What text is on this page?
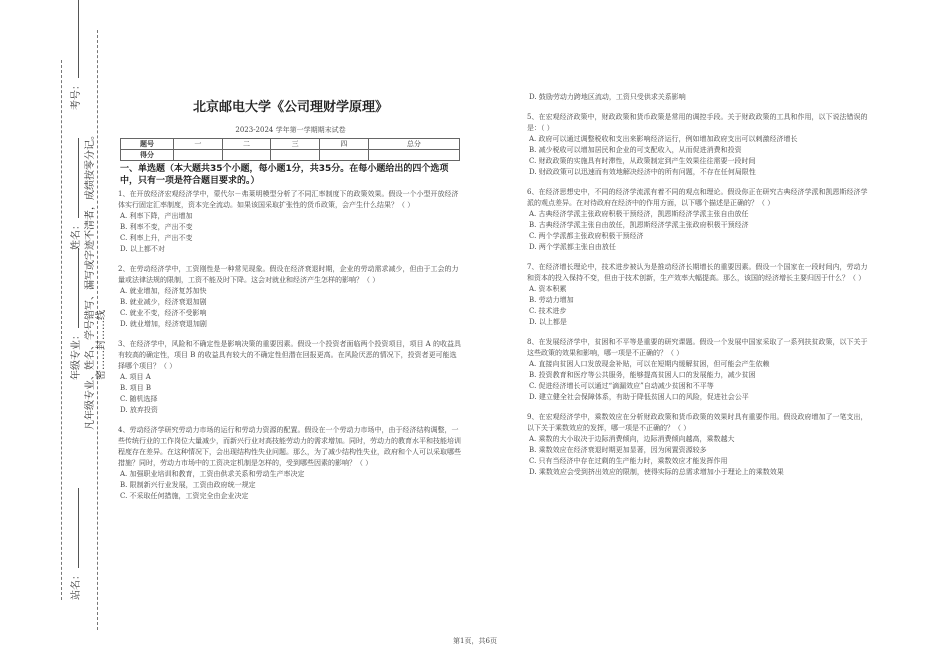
考号：
姓名：
年级专业：
站名：
凡年级专业、姓名、学号错写、漏写或字迹不清者，成绩按零分记。 密……封……线
北京邮电大学《公司理财学原理》
2023-2024 学年第一学期期末试卷
题号	一	二	三	四	总分
得分					
一、单选题（本大题共35个小题，每小题1分，共35分。在每小题给出的四个选项中，只有一项是符合题目要求的。）

1、在开放经济宏观经济学中，蒙代尔－弗莱明模型分析了不同汇率制度下的政策效果。假设一个小型开放经济体实行固定汇率制度，资本完全流动。如果该国采取扩张性的货币政策，会产生什么结果？（ ）

A. 利率下降，产出增加
B. 利率不变，产出不变
C. 利率上升，产出不变
D. 以上都不对

2、在劳动经济学中，工资刚性是一种常见现象。假设在经济衰退时期，企业的劳动需求减少，但由于工会的力量或法律法规的限制，工资不能及时下降。这会对就业和经济产生怎样的影响？（ ）

A. 就业增加，经济复苏加快
B. 就业减少，经济衰退加剧
C. 就业不变，经济不受影响
D. 就业增加，经济衰退加剧

3、在经济学中，风险和不确定性是影响决策的重要因素。假设一个投资者面临两个投资项目，项目 A 的收益具有较高的确定性，项目 B 的收益具有较大的不确定性但潜在回报更高。在风险厌恶的情况下，投资者更可能选择哪个项目？（ ）

A. 项目 A
B. 项目 B
C. 随机选择
D. 放弃投资

4、劳动经济学研究劳动力市场的运行和劳动力资源的配置。假设在一个劳动力市场中，由于经济结构调整，一些传统行业的工作岗位大量减少，而新兴行业对高技能劳动力的需求增加。同时，劳动力的教育水平和技能培训程度存在差异。在这种情况下，会出现结构性失业问题。那么，为了减少结构性失业，政府和个人可以采取哪些措施？同时，劳动力市场中的工资决定机制是怎样的，受到哪些因素的影响？（ ）

A. 加强职业培训和教育，工资由供求关系和劳动生产率决定
B. 限制新兴行业发展，工资由政府统一规定
C. 不采取任何措施，工资完全由企业决定
D. 鼓励劳动力跨地区流动，工资只受供求关系影响

5、在宏观经济政策中，财政政策和货币政策是常用的调控手段。关于财政政策的工具和作用，以下说法错误的是：（ ）

A. 政府可以通过调整税收和支出来影响经济运行，例如增加政府支出可以刺激经济增长
B. 减少税收可以增加居民和企业的可支配收入，从而促进消费和投资
C. 财政政策的实施具有时滞性，从政策制定到产生效果往往需要一段时间
D. 财政政策可以迅速而有效地解决经济中的所有问题，不存在任何局限性

6、在经济思想史中，不同的经济学流派有着不同的观点和理论。假设你正在研究古典经济学派和凯恩斯经济学派的观点差异。在对待政府在经济中的作用方面，以下哪个描述是正确的？（ ）

A. 古典经济学派主张政府积极干预经济，凯恩斯经济学派主张自由放任
B. 古典经济学派主张自由放任，凯恩斯经济学派主张政府积极干预经济
C. 两个学派都主张政府积极干预经济
D. 两个学派都主张自由放任

7、在经济增长理论中，技术进步被认为是推动经济长期增长的重要因素。假设一个国家在一段时间内，劳动力和资本的投入保持不变，但由于技术创新，生产效率大幅提高。那么，该国的经济增长主要归因于什么？（ ）

A. 资本积累
B. 劳动力增加
C. 技术进步
D. 以上都是

8、在发展经济学中，贫困和不平等是重要的研究课题。假设一个发展中国家采取了一系列扶贫政策，以下关于这些政策的效果和影响，哪一项是不正确的？（ ）

A. 直接向贫困人口发放现金补贴，可以在短期内缓解贫困，但可能会产生依赖
B. 投资教育和医疗等公共服务，能够提高贫困人口的发展能力，减少贫困
C. 促进经济增长可以通过“滴漏效应”自动减少贫困和不平等
D. 建立健全社会保障体系，有助于降低贫困人口的风险，促进社会公平

9、在宏观经济学中，乘数效应在分析财政政策和货币政策的效果时具有重要作用。假设政府增加了一笔支出，以下关于乘数效应的发挥，哪一项是不正确的？（ ）

A. 乘数的大小取决于边际消费倾向，边际消费倾向越高，乘数越大
B. 乘数效应在经济衰退时期更加显著，因为闲置资源较多
C. 只有当经济中存在过剩的生产能力时，乘数效应才能发挥作用
D. 乘数效应会受到挤出效应的限制，使得实际的总需求增加小于理论上的乘数效果
第1页，共6页
